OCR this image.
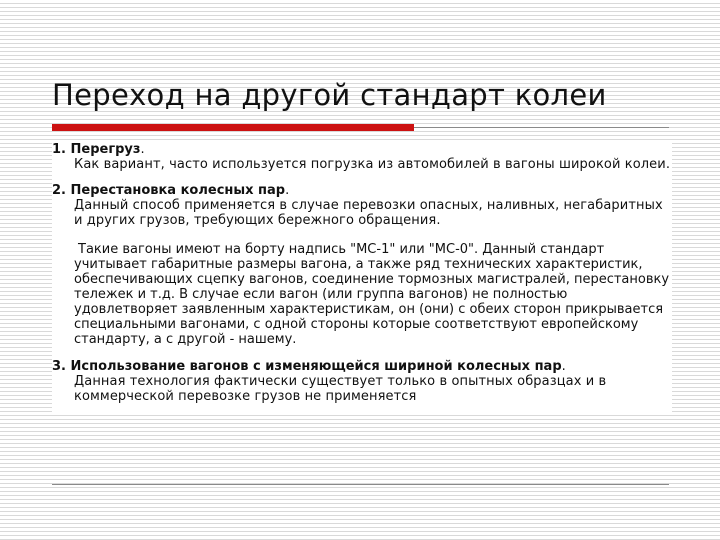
Переход на другой стандарт колеи
1. Перегруз.
Как вариант, часто используется погрузка из автомобилей в вагоны широкой колеи.
2. Перестановка колесных пар.
Данный способ применяется в случае перевозки опасных, наливных, негабаритных и других грузов, требующих бережного обращения.
Такие вагоны имеют на борту надпись "МС-1" или "МС-0". Данный стандарт учитывает габаритные размеры вагона, а также ряд технических характеристик, обеспечивающих сцепку вагонов, соединение тормозных магистралей, перестановку тележек и т.д. В случае если вагон (или группа вагонов) не полностью удовлетворяет заявленным характеристикам, он (они) с обеих сторон прикрывается специальными вагонами, с одной стороны которые соответствуют европейскому стандарту, а с другой - нашему.
3. Использование вагонов с изменяющейся шириной колесных пар.
Данная технология фактически существует только в опытных образцах и в коммерческой перевозке грузов не применяется
